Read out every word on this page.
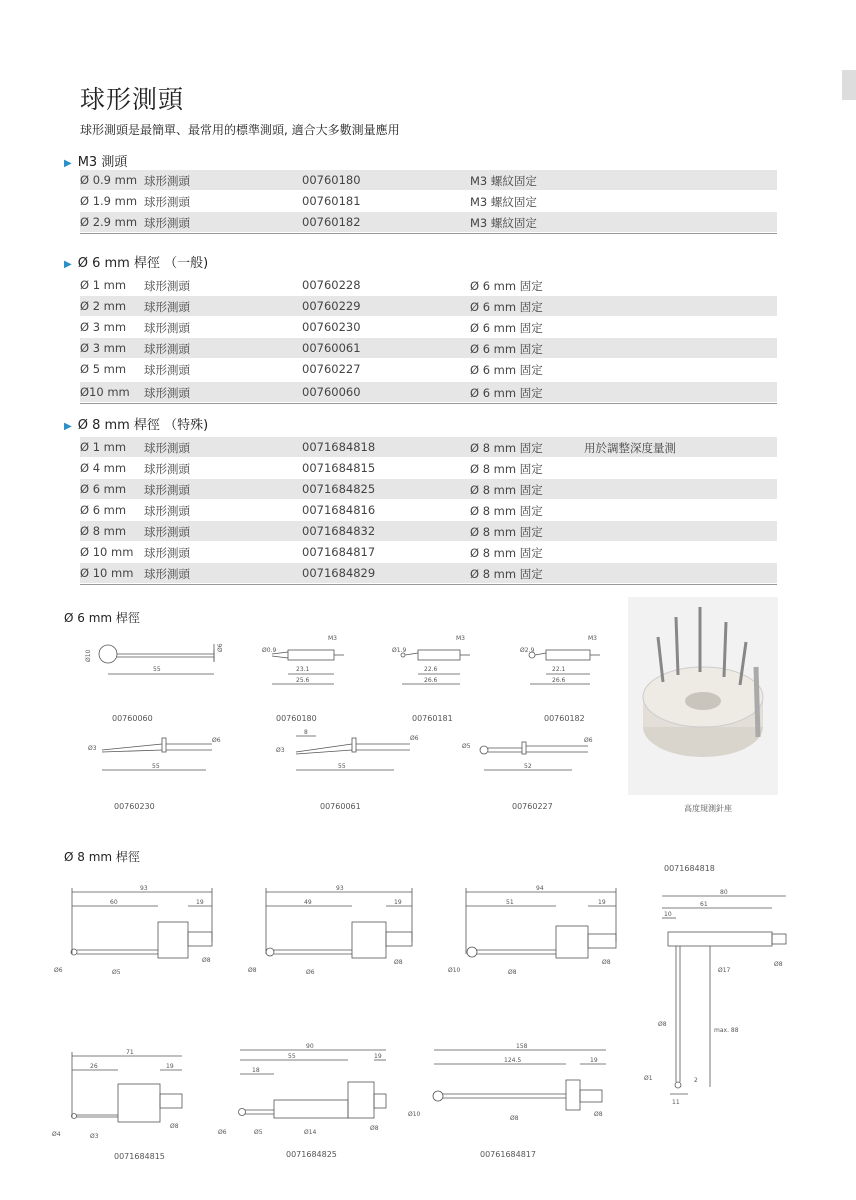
球形測頭
球形測頭是最簡單、最常用的標準測頭, 適合大多數測量應用
▶ M3 測頭
Ø 0.9 mm 球形測頭	00760180	M3 螺紋固定
Ø 1.9 mm 球形測頭	00760181	M3 螺紋固定
Ø 2.9 mm 球形測頭	00760182	M3 螺紋固定
▶ Ø 6 mm 桿徑 （一般)
Ø 1 mm 球形測頭	00760228	Ø 6 mm 固定
Ø 2 mm 球形測頭	00760229	Ø 6 mm 固定
Ø 3 mm 球形測頭	00760230	Ø 6 mm 固定
Ø 3 mm 球形測頭	00760061	Ø 6 mm 固定
Ø 5 mm 球形測頭	00760227	Ø 6 mm 固定
Ø10 mm 球形測頭	00760060	Ø 6 mm 固定
▶ Ø 8 mm 桿徑 （特殊)
Ø 1 mm 球形測頭	0071684818	Ø 8 mm 固定	用於調整深度量測
Ø 4 mm 球形測頭	0071684815	Ø 8 mm 固定
Ø 6 mm 球形測頭	0071684825	Ø 8 mm 固定
Ø 6 mm 球形測頭	0071684816	Ø 8 mm 固定
Ø 8 mm 球形測頭	0071684832	Ø 8 mm 固定
Ø 10 mm 球形測頭	0071684817	Ø 8 mm 固定
Ø 10 mm 球形測頭	0071684829	Ø 8 mm 固定
Ø 6 mm 桿徑
Ø 8 mm 桿徑
Ø10
55
Ø6	Ø0.9
M3
23.1
25.6
Ø1.9
M3
22.6
26.6
Ø2.9
M3
22.1
26.6
00760060	00760180	00760181	00760182
Ø3
55
Ø6
Ø3
8
55
Ø6
Ø5
52
Ø6
00760230	00760061	00760227	高度規測針座
0071684818
93
60	19
Ø6	Ø5
Ø8
93
49	19
Ø8	Ø6
Ø8
94
51	19
Ø10	Ø8
Ø8
80
61
10
Ø17
Ø8
Ø8
max. 88
Ø1	2
11
71
26	19
Ø4	Ø3
Ø8
90
55	19
18
Ø6	Ø5	Ø14
Ø8
158
124.5	19
Ø10
Ø8
Ø8
0071684815	0071684825	00761684817
